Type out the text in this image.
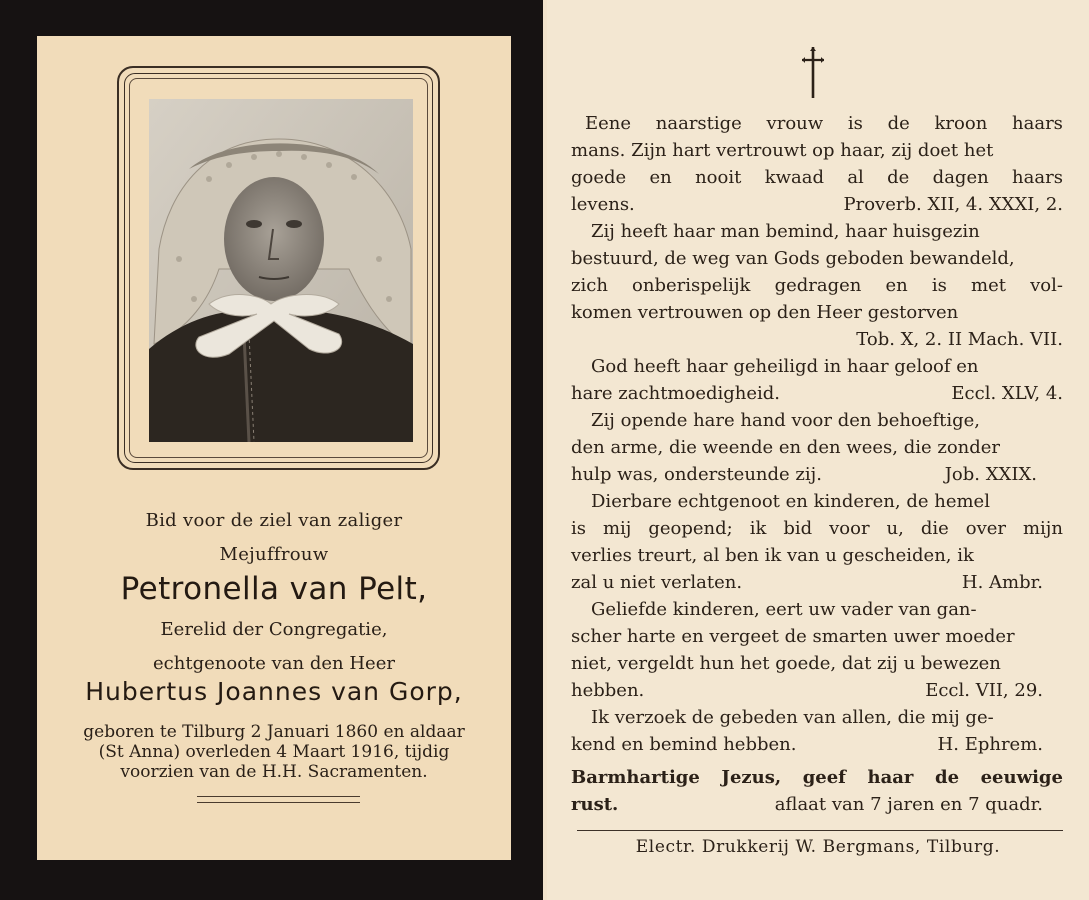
Bid voor de ziel van zaliger
Mejuffrouw
Petronella van Pelt,
Eerelid der Congregatie,
echtgenoote van den Heer
Hubertus Joannes van Gorp,
geboren te Tilburg 2 Januari 1860 en aldaar
(St Anna) overleden 4 Maart 1916, tijdig
voorzien van de H.H. Sacramenten.
Eene naarstige vrouw is de kroon haars
mans. Zijn hart vertrouwt op haar, zij doet het
goede en nooit kwaad al de dagen haars
levens.	Proverb. XII, 4. XXXI, 2.
Zij heeft haar man bemind, haar huisgezin
bestuurd, de weg van Gods geboden bewandeld,
zich onberispelijk gedragen en is met vol-
komen vertrouwen op den Heer gestorven
Tob. X, 2. II Mach. VII.
God heeft haar geheiligd in haar geloof en
hare zachtmoedigheid.	Eccl. XLV, 4.
Zij opende hare hand voor den behoeftige,
den arme, die weende en den wees, die zonder
hulp was, ondersteunde zij.	Job. XXIX.
Dierbare echtgenoot en kinderen, de hemel
is mij geopend; ik bid voor u, die over mijn
verlies treurt, al ben ik van u gescheiden, ik
zal u niet verlaten.	H. Ambr.
Geliefde kinderen, eert uw vader van gan-
scher harte en vergeet de smarten uwer moeder
niet, vergeldt hun het goede, dat zij u bewezen
hebben.	Eccl. VII, 29.
Ik verzoek de gebeden van allen, die mij ge-
kend en bemind hebben.	H. Ephrem.
Barmhartige Jezus, geef haar de eeuwige
rust.	aflaat van 7 jaren en 7 quadr.
Electr. Drukkerij W. Bergmans, Tilburg.
